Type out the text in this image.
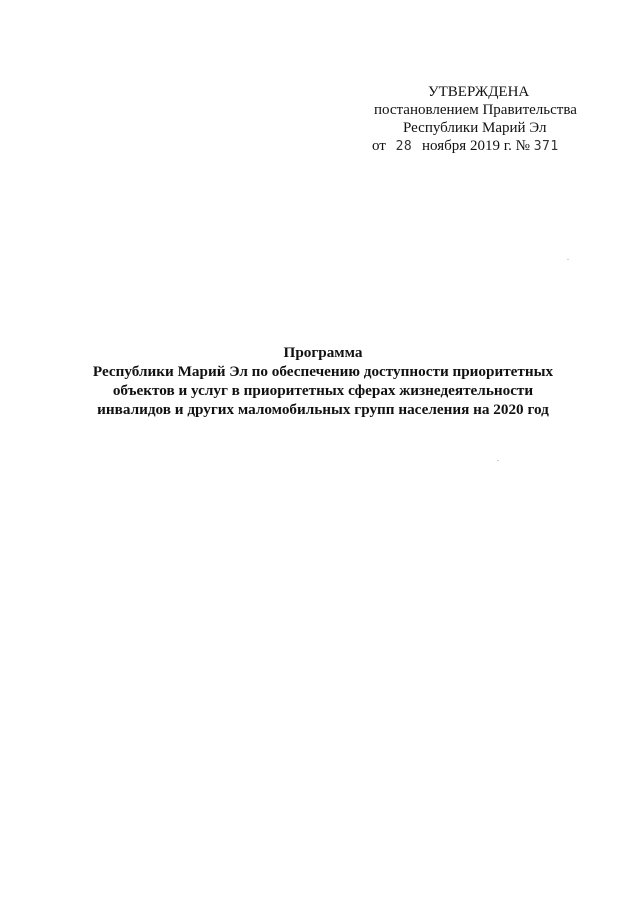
УТВЕРЖДЕНА
постановлением Правительства
Республики Марий Эл
от 28 ноября 2019 г. № 371
Программа
Республики Марий Эл по обеспечению доступности приоритетных
объектов и услуг в приоритетных сферах жизнедеятельности
инвалидов и других маломобильных групп населения на 2020 год
